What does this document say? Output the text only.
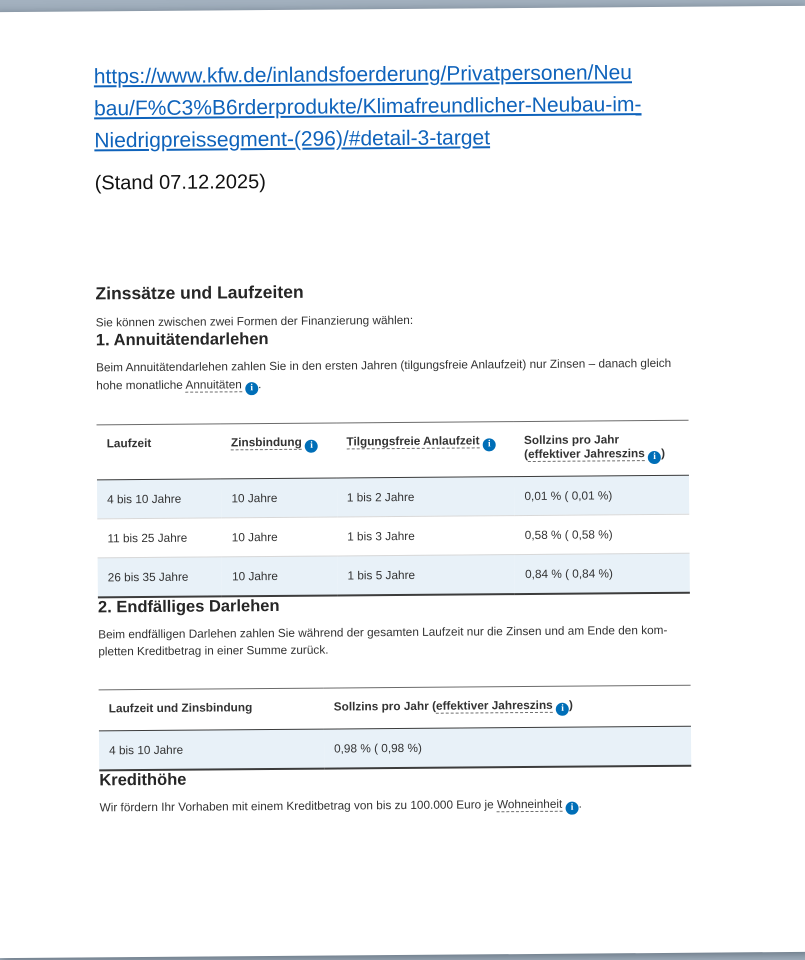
https://www.kfw.de/inlandsfoerderung/Privatpersonen/Neu
bau/F%C3%B6rderprodukte/Klimafreundlicher-Neubau-im-
Niedrigpreissegment-(296)/#detail-3-target

(Stand 07.12.2025)

Zinssätze und Laufzeiten

Sie können zwischen zwei Formen der Finanzierung wählen:

1. Annuitätendarlehen

Beim Annuitätendarlehen zahlen Sie in den ersten Jahren (tilgungsfreie Anlaufzeit) nur Zinsen – danach gleich hohe monatliche Annuitäten i .

Laufzeit	Zinsbindung i	Tilgungsfreie Anlaufzeit i	Sollzins pro Jahr (effektiver Jahreszins i )
4 bis 10 Jahre	10 Jahre	1 bis 2 Jahre	0,01 % ( 0,01 %)
11 bis 25 Jahre	10 Jahre	1 bis 3 Jahre	0,58 % ( 0,58 %)
26 bis 35 Jahre	10 Jahre	1 bis 5 Jahre	0,84 % ( 0,84 %)
2. Endfälliges Darlehen

Beim endfälligen Darlehen zahlen Sie während der gesamten Laufzeit nur die Zinsen und am Ende den kompletten Kreditbetrag in einer Summe zurück.

Laufzeit und Zinsbindung	Sollzins pro Jahr (effektiver Jahreszins i )
4 bis 10 Jahre	0,98 % ( 0,98 %)
Kredithöhe

Wir fördern Ihr Vorhaben mit einem Kreditbetrag von bis zu 100.000 Euro je Wohneinheit i .
